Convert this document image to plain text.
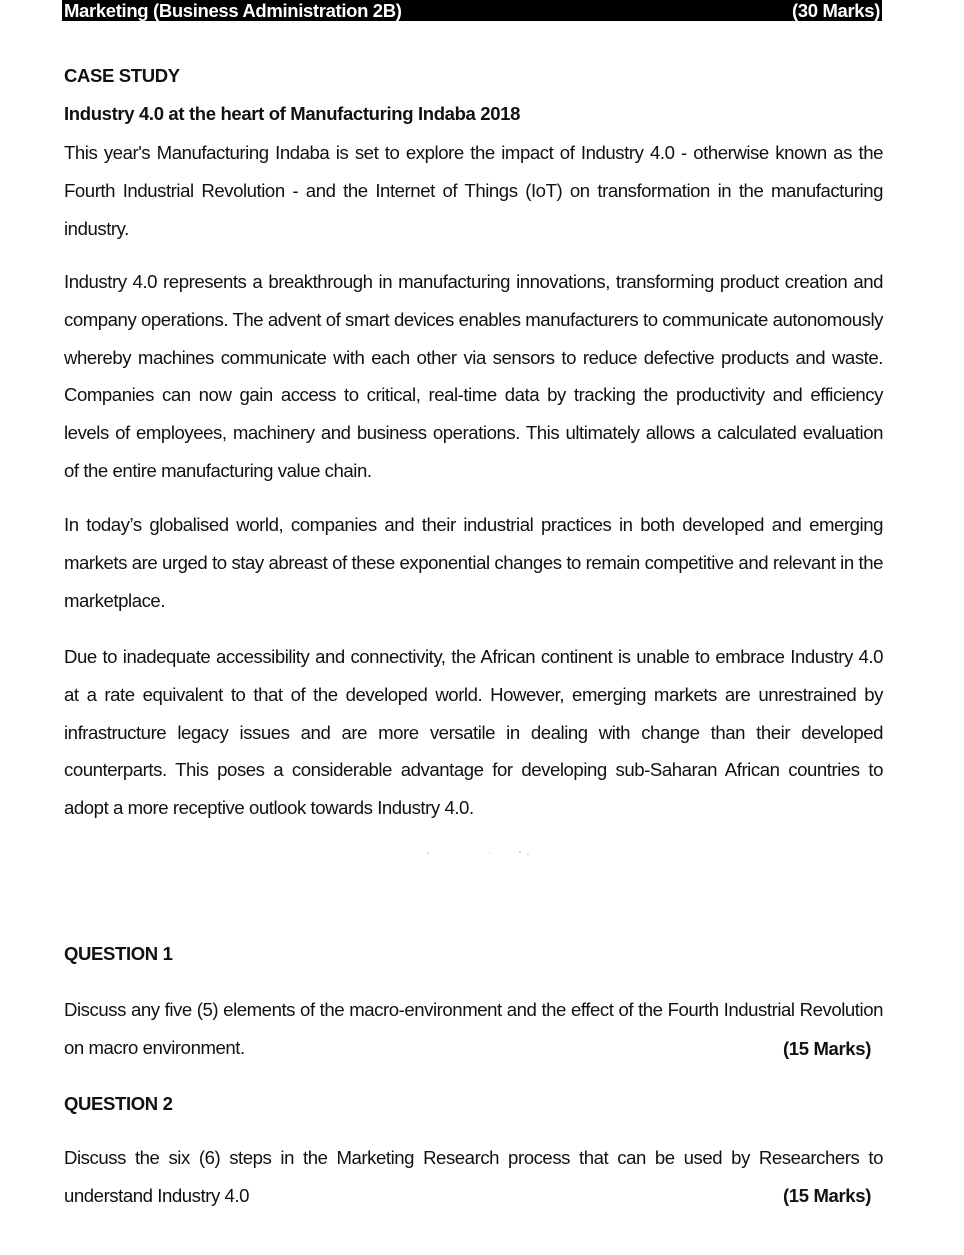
Marketing (Business Administration 2B)	(30 Marks)
CASE STUDY
Industry 4.0 at the heart of Manufacturing Indaba 2018

This year's Manufacturing Indaba is set to explore the impact of Industry 4.0 - otherwise known as the Fourth Industrial Revolution - and the Internet of Things (IoT) on transformation in the manufacturing industry.

Industry 4.0 represents a breakthrough in manufacturing innovations, transforming product creation and company operations. The advent of smart devices enables manufacturers to communicate autonomously whereby machines communicate with each other via sensors to reduce defective products and waste. Companies can now gain access to critical, real-time data by tracking the productivity and efficiency levels of employees, machinery and business operations. This ultimately allows a calculated evaluation of the entire manufacturing value chain.

In today’s globalised world, companies and their industrial practices in both developed and emerging markets are urged to stay abreast of these exponential changes to remain competitive and relevant in the marketplace.

Due to inadequate accessibility and connectivity, the African continent is unable to embrace Industry 4.0 at a rate equivalent to that of the developed world. However, emerging markets are unrestrained by infrastructure legacy issues and are more versatile in dealing with change than their developed counterparts. This poses a considerable advantage for developing sub-Saharan African countries to adopt a more receptive outlook towards Industry 4.0.

QUESTION 1

Discuss any five (5) elements of the macro-environment and the effect of the Fourth Industrial Revolution on macro environment.	(15 Marks)
QUESTION 2

Discuss the six (6) steps in the Marketing Research process that can be used by Researchers to understand Industry 4.0	(15 Marks)
